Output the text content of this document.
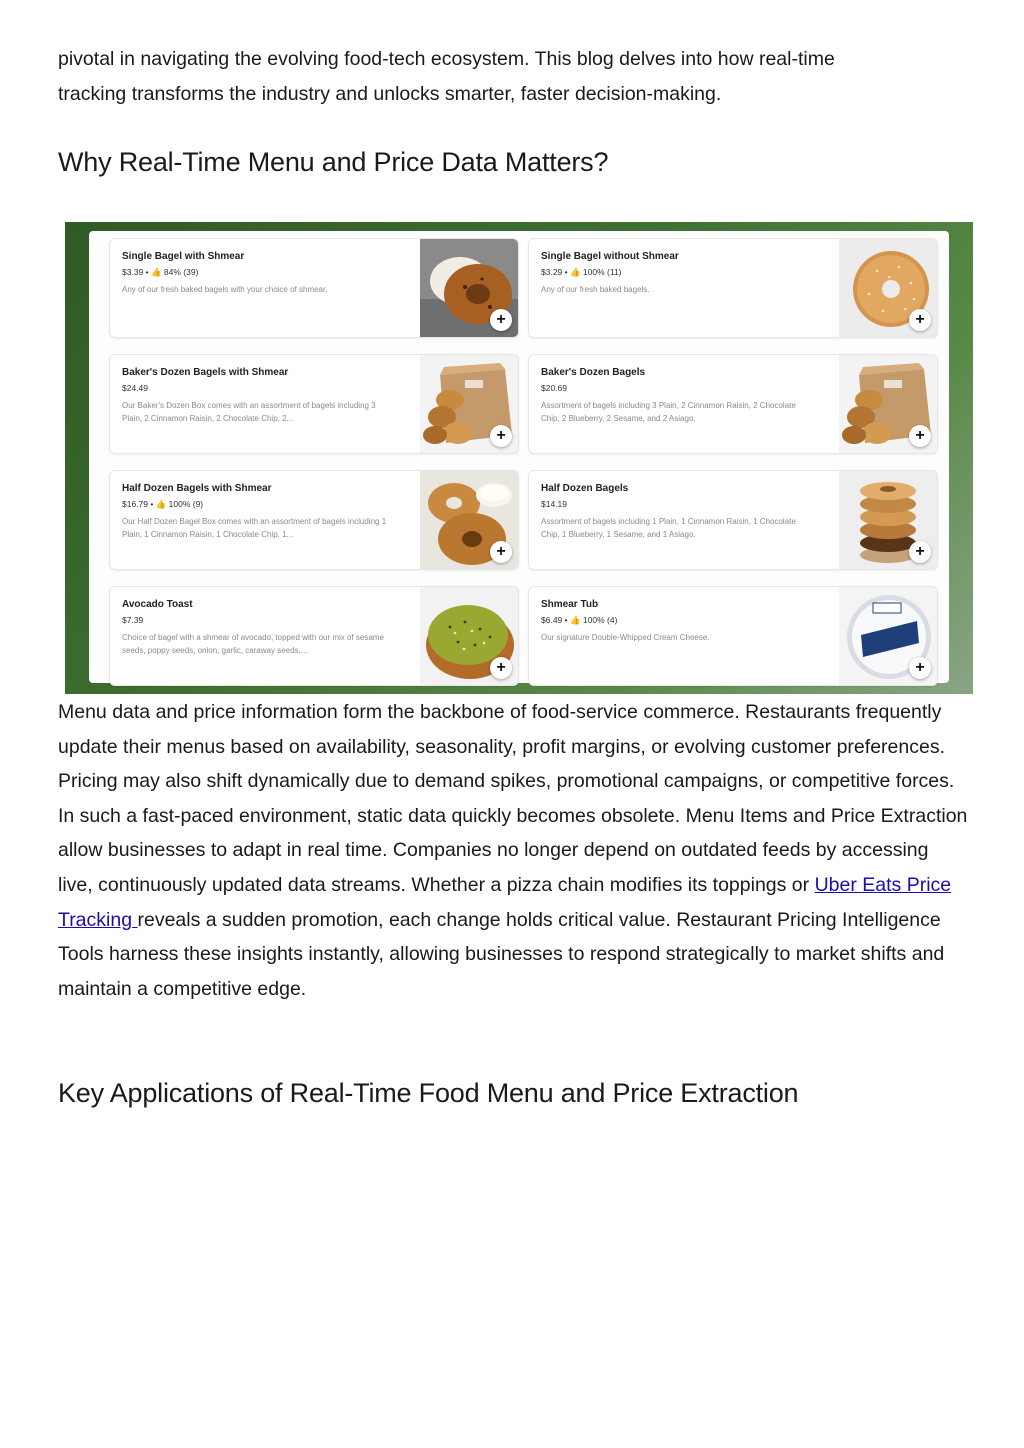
pivotal in navigating the evolving food-tech ecosystem. This blog delves into how real-time
tracking transforms the industry and unlocks smarter, faster decision-making.

Why Real-Time Menu and Price Data Matters?
Single Bagel with Shmear
$3.39 • 👍 84% (39)
Any of our fresh baked bagels with your choice of shmear.
+
Single Bagel without Shmear
$3.29 • 👍 100% (11)
Any of our fresh baked bagels.
+
Baker's Dozen Bagels with Shmear
$24.49
Our Baker's Dozen Box comes with an assortment of bagels including 3 Plain, 2 Cinnamon Raisin, 2 Chocolate Chip, 2...
+
Baker's Dozen Bagels
$20.69
Assortment of bagels including 3 Plain, 2 Cinnamon Raisin, 2 Chocolate Chip, 2 Blueberry, 2 Sesame, and 2 Asiago.
+
Half Dozen Bagels with Shmear
$16.79 • 👍 100% (9)
Our Half Dozen Bagel Box comes with an assortment of bagels including 1 Plain, 1 Cinnamon Raisin, 1 Chocolate Chip, 1...
+
Half Dozen Bagels
$14.19
Assortment of bagels including 1 Plain, 1 Cinnamon Raisin, 1 Chocolate Chip, 1 Blueberry, 1 Sesame, and 1 Asiago.
+
Avocado Toast
$7.39
Choice of bagel with a shmear of avocado, topped with our mix of sesame seeds, poppy seeds, onion, garlic, caraway seeds,...
+
Shmear Tub
$6.49 • 👍 100% (4)
Our signature Double-Whipped Cream Cheese.
+

Menu data and price information form the backbone of food-service commerce. Restaurants frequently update their menus based on availability, seasonality, profit margins, or evolving customer preferences. Pricing may also shift dynamically due to demand spikes, promotional campaigns, or competitive forces. In such a fast-paced environment, static data quickly becomes obsolete. Menu Items and Price Extraction allow businesses to adapt in real time. Companies no longer depend on outdated feeds by accessing live, continuously updated data streams. Whether a pizza chain modifies its toppings or Uber Eats Price Tracking reveals a sudden promotion, each change holds critical value. Restaurant Pricing Intelligence Tools harness these insights instantly, allowing businesses to respond strategically to market shifts and maintain a competitive edge.

Key Applications of Real-Time Food Menu and Price Extraction
